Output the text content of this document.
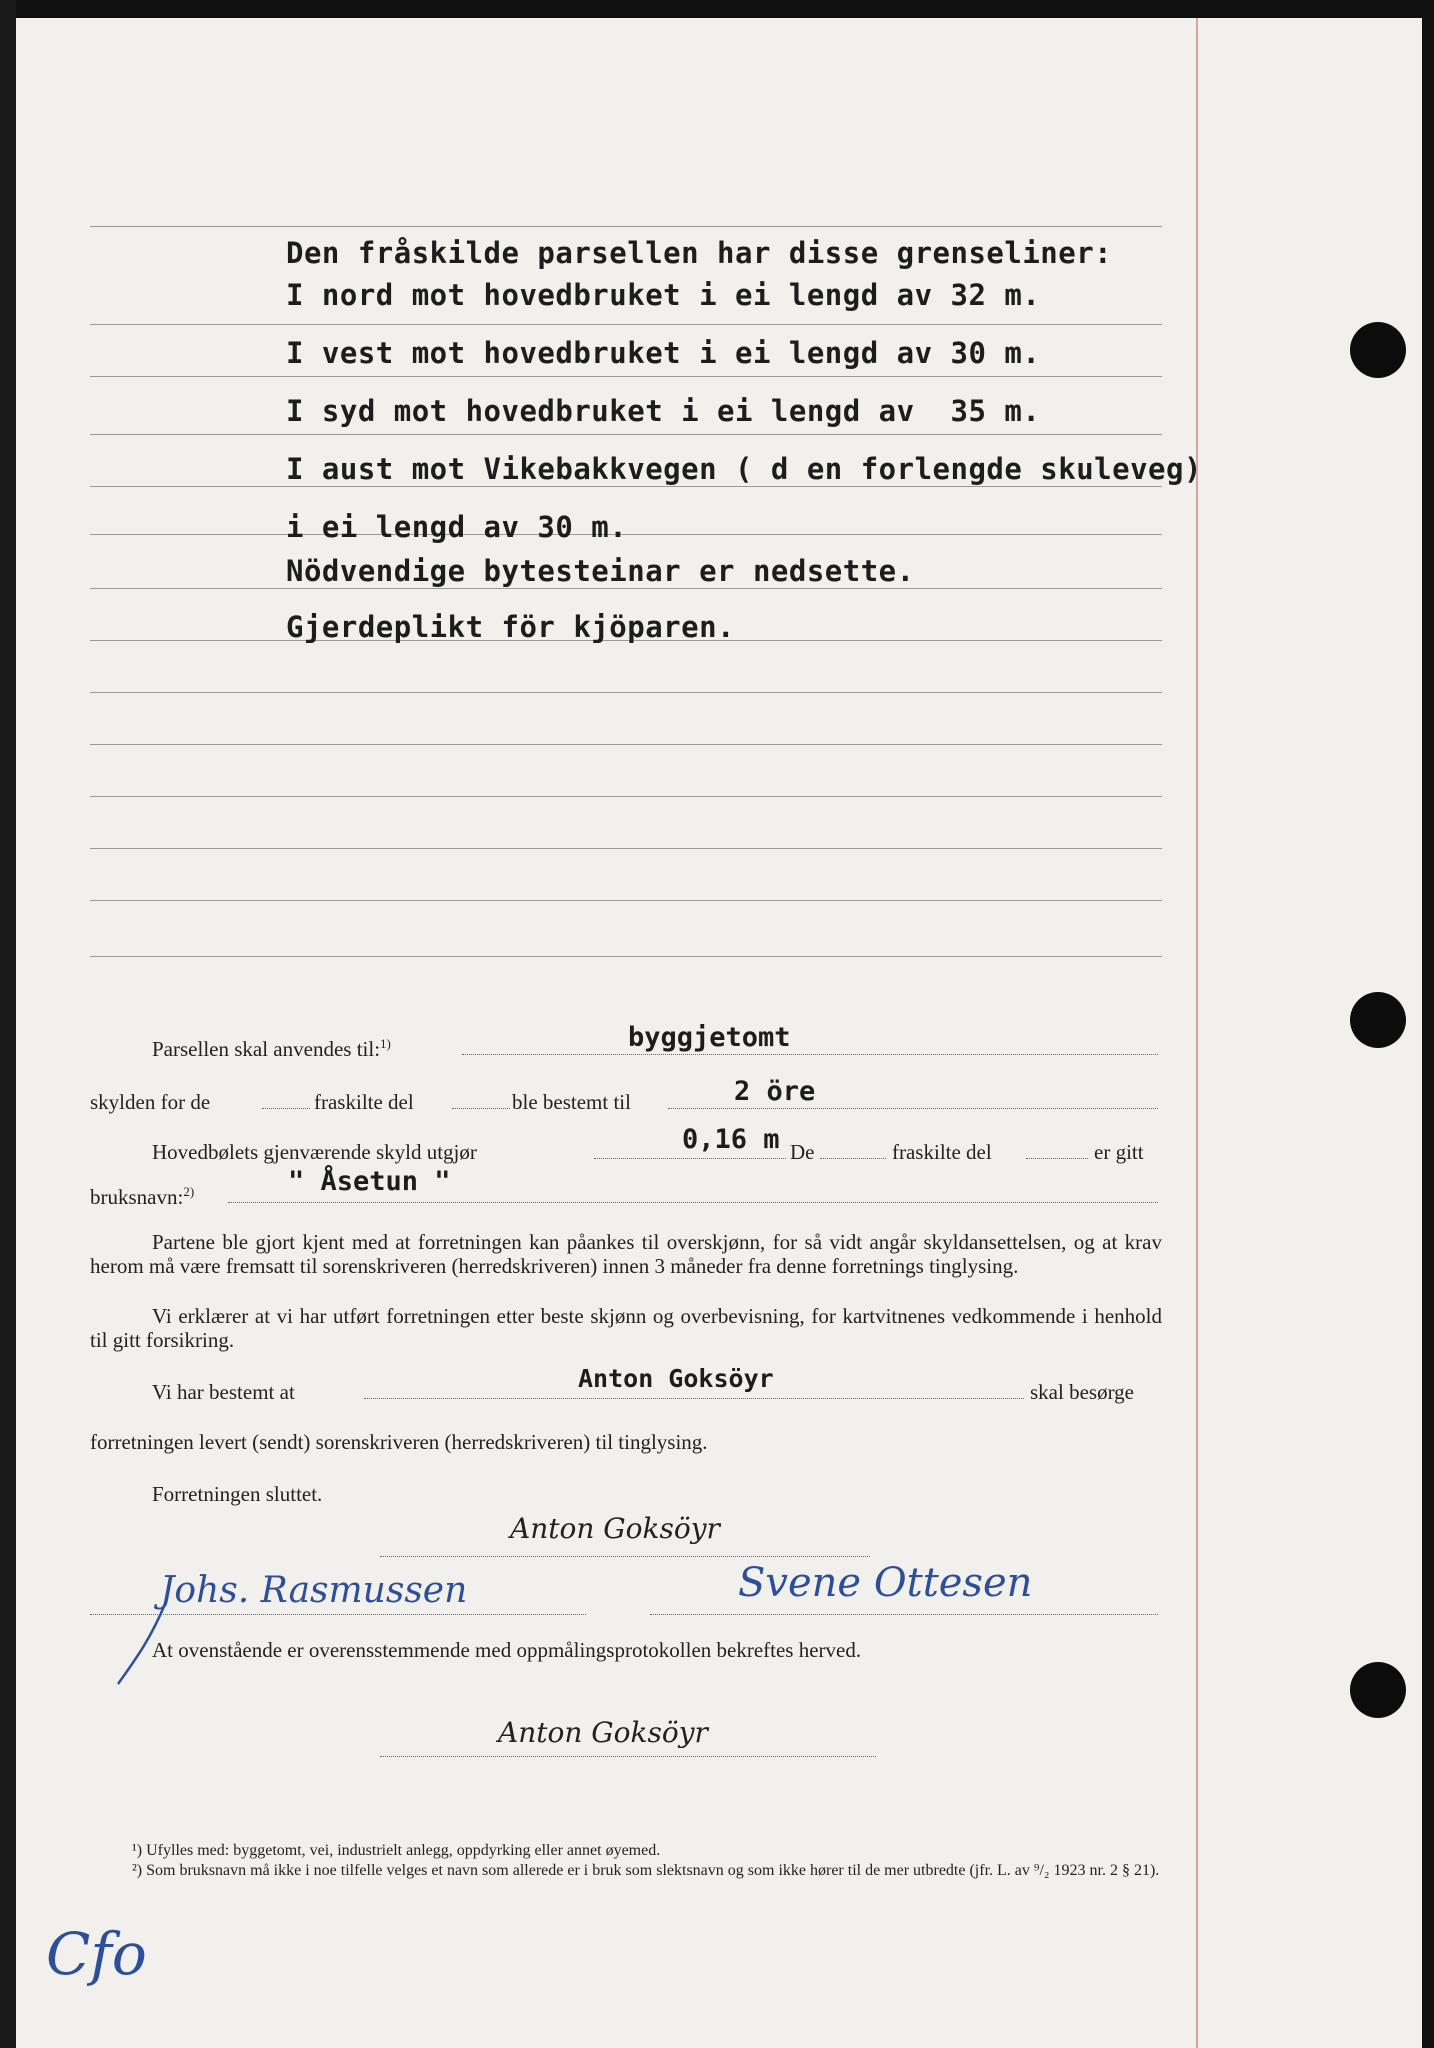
Den fråskilde parsellen har disse grenseliner:
I nord mot hovedbruket i ei lengd av 32 m.
I vest mot hovedbruket i ei lengd av 30 m.
I syd mot hovedbruket i ei lengd av  35 m.
I aust mot Vikebakkvegen ( d en forlengde skuleveg)
i ei lengd av 30 m.
Nödvendige bytesteinar er nedsette.
Gjerdeplikt för kjöparen.
Parsellen skal anvendes til:$^{1)}$	byggjetomt
skylden for de	fraskilte del	ble bestemt til	2 öre
Hovedbølets gjenværende skyld utgjør	0,16 m De	fraskilte del	er gitt
bruksnavn:$^{2)}$	" Åsetun "
Partene ble gjort kjent med at forretningen kan påankes til overskjønn, for så vidt angår skyldansettelsen, og at krav herom må være fremsatt til sorenskriveren (herredskriveren) innen 3 måneder fra denne forretnings tinglysing.
Vi erklærer at vi har utført forretningen etter beste skjønn og overbevisning, for kartvitnenes vedkommende i henhold til gitt forsikring.
Vi har bestemt at	Anton Goksöyr	skal besørge
forretningen levert (sendt) sorenskriveren (herredskriveren) til tinglysing.
Forretningen sluttet.
Anton Goksöyr
Johs. Rasmussen	Svene Ottesen
At ovenstående er overensstemmende med oppmålingsprotokollen bekreftes herved.
Anton Goksöyr
¹) Ufylles med: byggetomt, vei, industrielt anlegg, oppdyrking eller annet øyemed.
²) Som bruksnavn må ikke i noe tilfelle velges et navn som allerede er i bruk som slektsnavn og som ikke hører til de mer utbredte (jfr. L. av ⁹/₂ 1923 nr. 2 § 21).
Cfo
